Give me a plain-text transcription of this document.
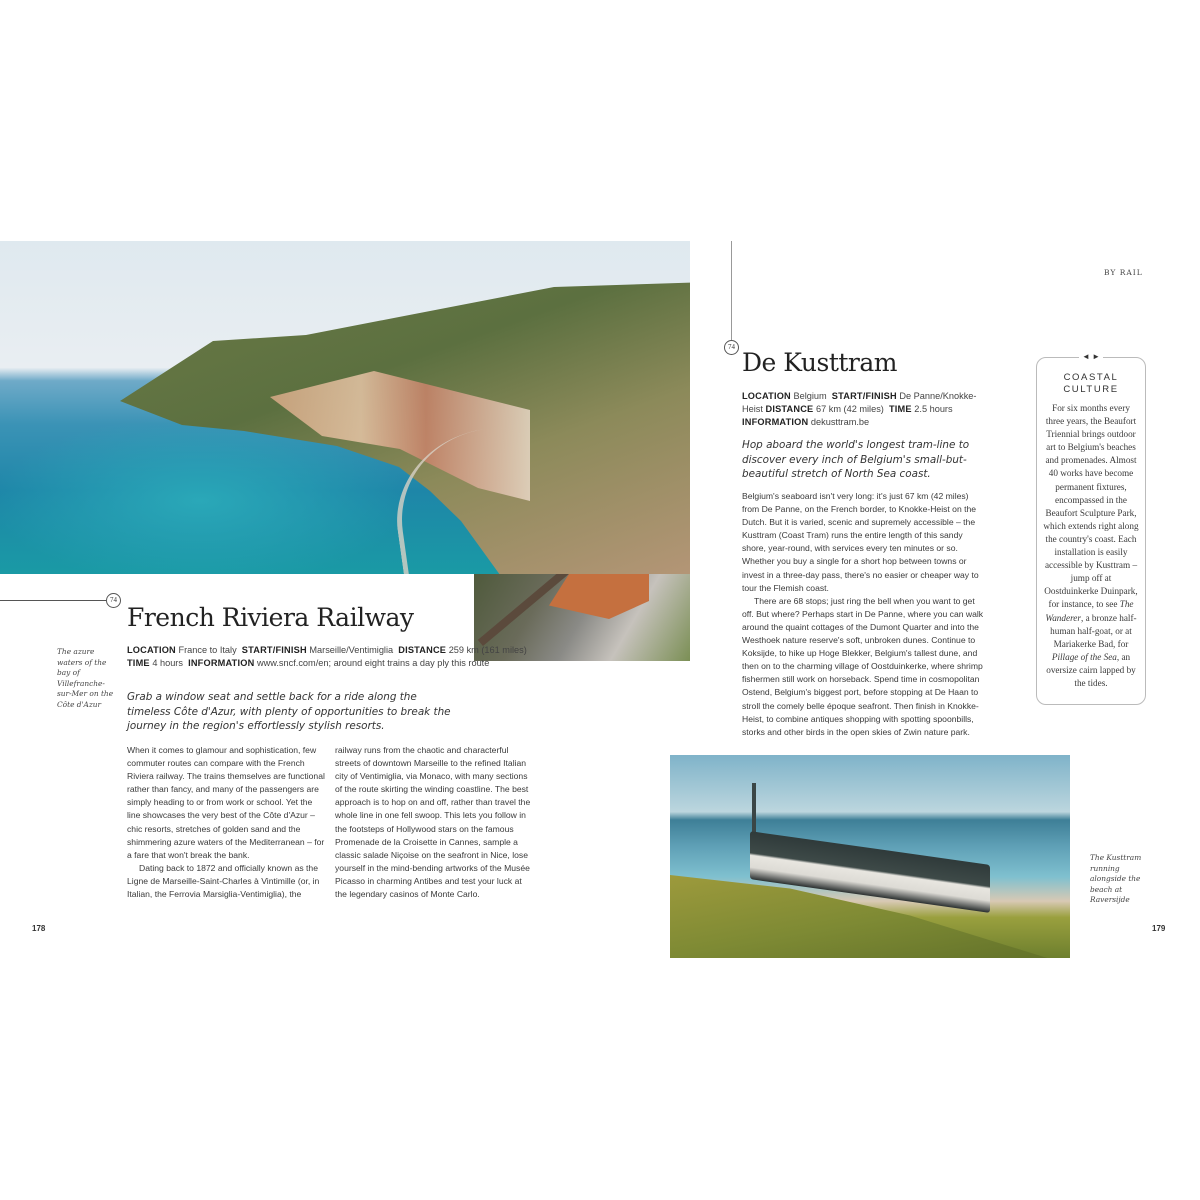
74
French Riviera Railway
The azure waters of the bay of Villefranche-sur-Mer on the Côte d'Azur
LOCATION France to Italy START/FINISH Marseille/Ventimiglia DISTANCE 259 km (161 miles)  TIME 4 hours INFORMATION www.sncf.com/en; around eight trains a day ply this route
Grab a window seat and settle back for a ride along the timeless Côte d'Azur, with plenty of opportunities to break the journey in the region's effortlessly stylish resorts.

When it comes to glamour and sophistication, few commuter routes can compare with the French Riviera railway. The trains themselves are functional rather than fancy, and many of the passengers are simply heading to or from work or school. Yet the line showcases the very best of the Côte d'Azur – chic resorts, stretches of golden sand and the shimmering azure waters of the Mediterranean – for a fare that won't break the bank.

Dating back to 1872 and officially known as the Ligne de Marseille-Saint-Charles à Vintimille (or, in Italian, the Ferrovia Marsiglia-Ventimiglia), the

railway runs from the chaotic and characterful streets of downtown Marseille to the refined Italian city of Ventimiglia, via Monaco, with many sections of the route skirting the winding coastline. The best approach is to hop on and off, rather than travel the whole line in one fell swoop. This lets you follow in the footsteps of Hollywood stars on the famous Promenade de la Croisette in Cannes, sample a classic salade Niçoise on the seafront in Nice, lose yourself in the mind-bending artworks of the Musée Picasso in charming Antibes and test your luck at the legendary casinos of Monte Carlo.

178
BY RAIL
74
De Kusttram
LOCATION Belgium START/FINISH De Panne/Knokke-Heist DISTANCE 67 km (42 miles) TIME 2.5 hours  INFORMATION dekusttram.be
Hop aboard the world's longest tram-line to discover every inch of Belgium's small-but-beautiful stretch of North Sea coast.

Belgium's seaboard isn't very long: it's just 67 km (42 miles) from De Panne, on the French border, to Knokke-Heist on the Dutch. But it is varied, scenic and supremely accessible – the Kusttram (Coast Tram) runs the entire length of this sandy shore, year-round, with services every ten minutes or so. Whether you buy a single for a short hop between towns or invest in a three-day pass, there's no easier or cheaper way to tour the Flemish coast.

There are 68 stops; just ring the bell when you want to get off. But where? Perhaps start in De Panne, where you can walk around the quaint cottages of the Dumont Quarter and into the Westhoek nature reserve's soft, unbroken dunes. Continue to Koksijde, to hike up Hoge Blekker, Belgium's tallest dune, and then on to the charming village of Oostduinkerke, where shrimp fishermen still work on horseback. Spend time in cosmopolitan Ostend, Belgium's biggest port, before stopping at De Haan to stroll the comely belle époque seafront. Then finish in Knokke-Heist, to combine antiques shopping with spotting spoonbills, storks and other birds in the open skies of Zwin nature park.

◄ ►
COASTAL CULTURE
For six months every three years, the Beaufort Triennial brings outdoor art to Belgium's beaches and promenades. Almost 40 works have become permanent fixtures, encompassed in the Beaufort Sculpture Park, which extends right along the country's coast. Each installation is easily accessible by Kusttram – jump off at Oostduinkerke Duinpark, for instance, to see The Wanderer, a bronze half-human half-goat, or at Mariakerke Bad, for Pillage of the Sea, an oversize cairn lapped by the tides.
The Kusttram running alongside the beach at Raversijde
179
